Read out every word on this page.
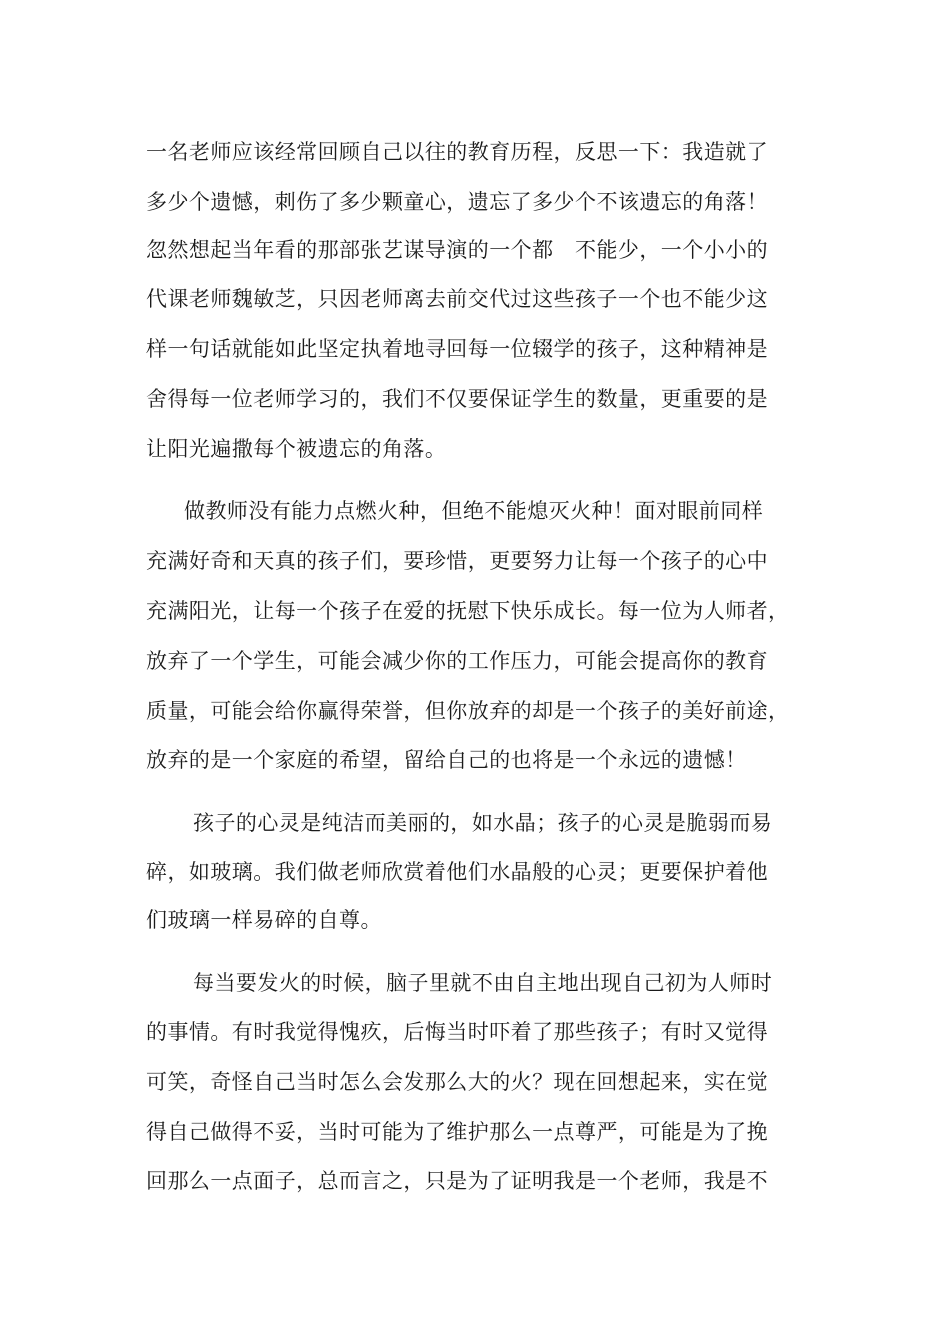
一名老师应该经常回顾自己以往的教育历程，反思一下：我造就了
多少个遗憾，刺伤了多少颗童心，遗忘了多少个不该遗忘的角落！
忽然想起当年看的那部张艺谋导演的一个都　不能少，一个小小的
代课老师魏敏芝，只因老师离去前交代过这些孩子一个也不能少这
样一句话就能如此坚定执着地寻回每一位辍学的孩子，这种精神是
舍得每一位老师学习的，我们不仅要保证学生的数量，更重要的是
让阳光遍撒每个被遗忘的角落。
做教师没有能力点燃火种，但绝不能熄灭火种！面对眼前同样
充满好奇和天真的孩子们，要珍惜，更要努力让每一个孩子的心中
充满阳光，让每一个孩子在爱的抚慰下快乐成长。每一位为人师者，
放弃了一个学生，可能会减少你的工作压力，可能会提高你的教育
质量，可能会给你赢得荣誉，但你放弃的却是一个孩子的美好前途，
放弃的是一个家庭的希望，留给自己的也将是一个永远的遗憾！
孩子的心灵是纯洁而美丽的，如水晶；孩子的心灵是脆弱而易
碎，如玻璃。我们做老师欣赏着他们水晶般的心灵；更要保护着他
们玻璃一样易碎的自尊。
每当要发火的时候，脑子里就不由自主地出现自己初为人师时
的事情。有时我觉得愧疚，后悔当时吓着了那些孩子；有时又觉得
可笑，奇怪自己当时怎么会发那么大的火？现在回想起来，实在觉
得自己做得不妥，当时可能为了维护那么一点尊严，可能是为了挽
回那么一点面子，总而言之，只是为了证明我是一个老师，我是不
